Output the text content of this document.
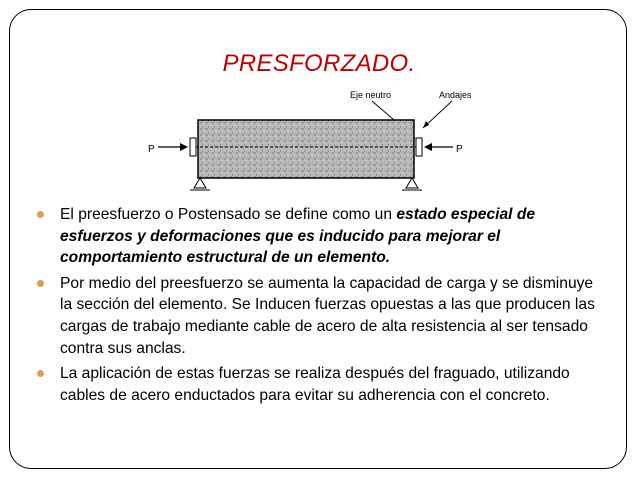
PRESFORZADO.
Eje neutro	Andajes
P	P
El preesfuerzo o Postensado se define como un estado especial de esfuerzos y deformaciones que es inducido para mejorar el comportamiento estructural de un elemento.
Por medio del preesfuerzo se aumenta la capacidad de carga y se disminuye la sección del elemento. Se Inducen fuerzas opuestas a las que producen las cargas de trabajo mediante cable de acero de alta resistencia al ser tensado contra sus anclas.
La aplicación de estas fuerzas se realiza después del fraguado, utilizando cables de acero enductados para evitar su adherencia con el concreto.
